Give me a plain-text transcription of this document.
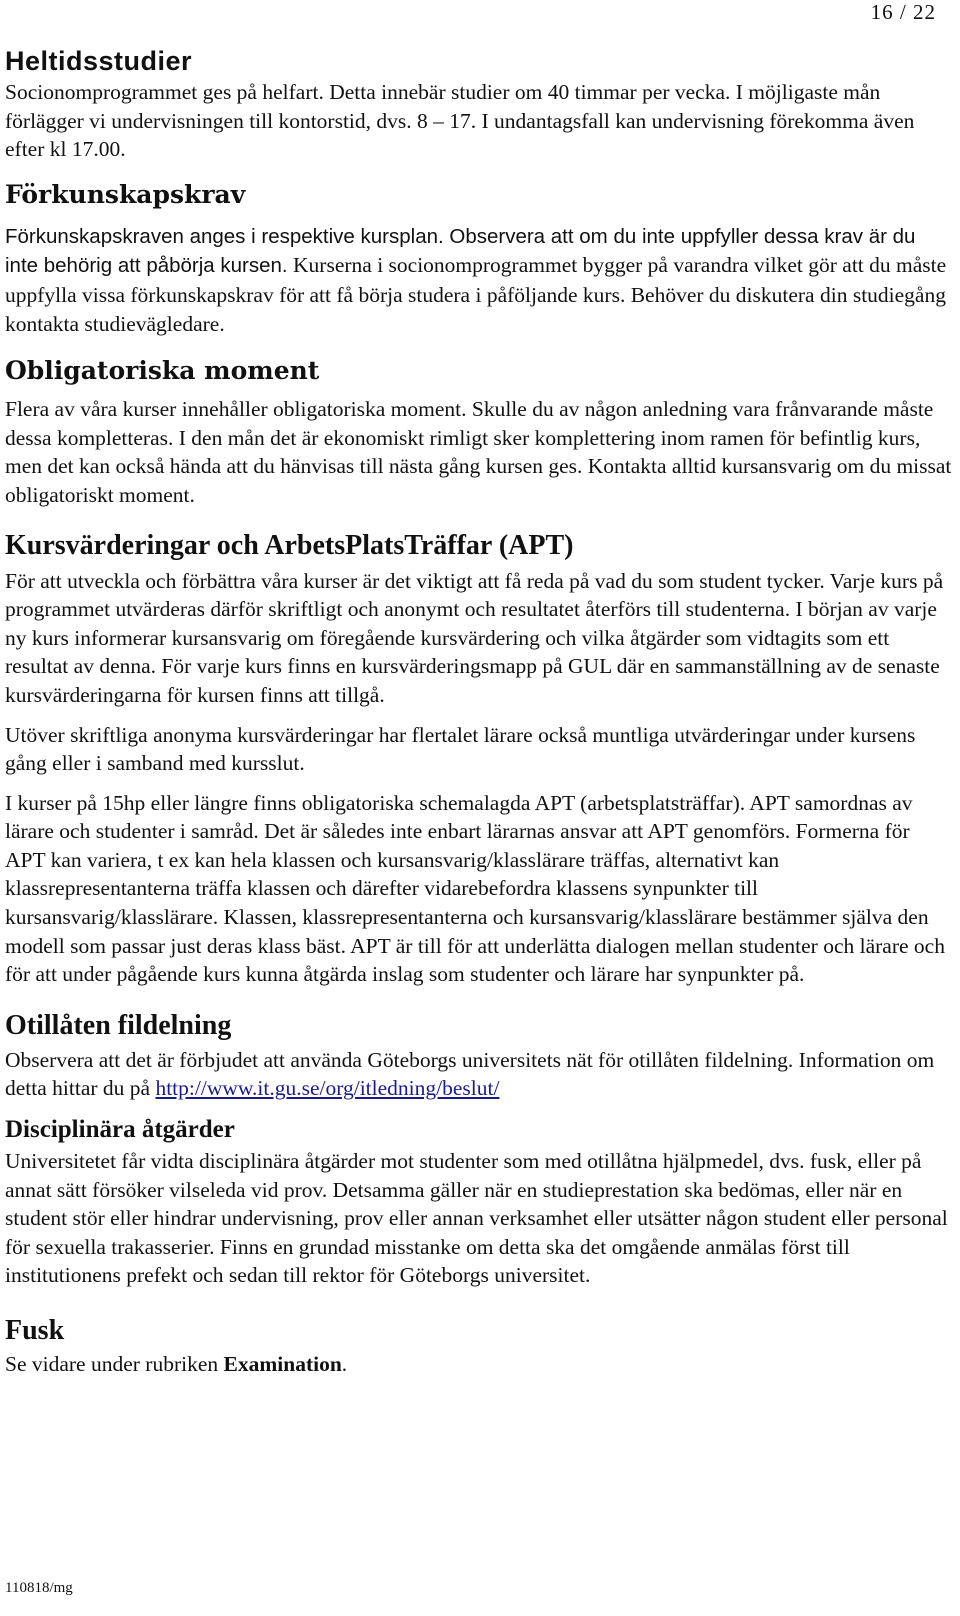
16 / 22
Heltidsstudier

Socionomprogrammet ges på helfart. Detta innebär studier om 40 timmar per vecka. I möjligaste mån förlägger vi undervisningen till kontorstid, dvs. 8 – 17. I undantagsfall kan undervisning förekomma även efter kl 17.00.

Förkunskapskrav

Förkunskapskraven anges i respektive kursplan. Observera att om du inte uppfyller dessa krav är du inte behörig att påbörja kursen. Kurserna i socionomprogrammet bygger på varandra vilket gör att du måste uppfylla vissa förkunskapskrav för att få börja studera i påföljande kurs. Behöver du diskutera din studiegång kontakta studievägledare.

Obligatoriska moment

Flera av våra kurser innehåller obligatoriska moment. Skulle du av någon anledning vara frånvarande måste dessa kompletteras. I den mån det är ekonomiskt rimligt sker komplettering inom ramen för befintlig kurs, men det kan också hända att du hänvisas till nästa gång kursen ges. Kontakta alltid kursansvarig om du missat obligatoriskt moment.

Kursvärderingar och ArbetsPlatsTräffar (APT)

För att utveckla och förbättra våra kurser är det viktigt att få reda på vad du som student tycker. Varje kurs på programmet utvärderas därför skriftligt och anonymt och resultatet återförs till studenterna. I början av varje ny kurs informerar kursansvarig om föregående kursvärdering och vilka åtgärder som vidtagits som ett resultat av denna. För varje kurs finns en kursvärderingsmapp på GUL där en sammanställning av de senaste kursvärderingarna för kursen finns att tillgå.

Utöver skriftliga anonyma kursvärderingar har flertalet lärare också muntliga utvärderingar under kursens gång eller i samband med kursslut.

I kurser på 15hp eller längre finns obligatoriska schemalagda APT (arbetsplatsträffar). APT samordnas av lärare och studenter i samråd. Det är således inte enbart lärarnas ansvar att APT genomförs. Formerna för APT kan variera, t ex kan hela klassen och kursansvarig/klasslärare träffas, alternativt kan klassrepresentanterna träffa klassen och därefter vidarebefordra klassens synpunkter till kursansvarig/klasslärare. Klassen, klassrepresentanterna och kursansvarig/klasslärare bestämmer själva den modell som passar just deras klass bäst. APT är till för att underlätta dialogen mellan studenter och lärare och för att under pågående kurs kunna åtgärda inslag som studenter och lärare har synpunkter på.

Otillåten fildelning

Observera att det är förbjudet att använda Göteborgs universitets nät för otillåten fildelning. Information om detta hittar du på http://www.it.gu.se/org/itledning/beslut/

Disciplinära åtgärder

Universitetet får vidta disciplinära åtgärder mot studenter som med otillåtna hjälpmedel, dvs. fusk, eller på annat sätt försöker vilseleda vid prov. Detsamma gäller när en studieprestation ska bedömas, eller när en student stör eller hindrar undervisning, prov eller annan verksamhet eller utsätter någon student eller personal för sexuella trakasserier. Finns en grundad misstanke om detta ska det omgående anmälas först till institutionens prefekt och sedan till rektor för Göteborgs universitet.

Fusk

Se vidare under rubriken Examination.

110818/mg
